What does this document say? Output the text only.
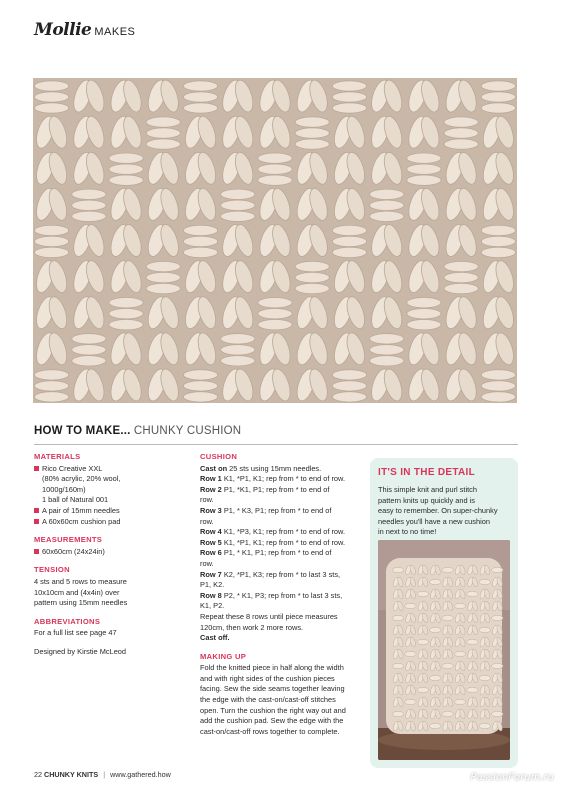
Mollie MAKES
HOW TO MAKE... CHUNKY CUSHION
MATERIALS
Rico Creative XXL
(80% acrylic, 20% wool,
1000g/160m)
1 ball of Natural 001
A pair of 15mm needles
A 60x60cm cushion pad
MEASUREMENTS
60x60cm (24x24in)
TENSION
4 sts and 5 rows to measure
10x10cm and (4x4in) over
pattern using 15mm needles
ABBREVIATIONS
For a full list see page 47
Designed by Kirstie McLeod
CUSHION
Cast on 25 sts using 15mm needles.
Row 1 K1, *P1, K1; rep from * to end of row.
Row 2 P1, *K1, P1; rep from * to end of
row.
Row 3 P1, * K3, P1; rep from * to end of
row.
Row 4 K1, *P3, K1; rep from * to end of row.
Row 5 K1, *P1, K1; rep from * to end of row.
Row 6 P1, * K1, P1; rep from * to end of
row.
Row 7 K2, *P1, K3; rep from * to last 3 sts,
P1, K2.
Row 8 P2, * K1, P3; rep from * to last 3 sts,
K1, P2.
Repeat these 8 rows until piece measures
120cm, then work 2 more rows.
Cast off.
MAKING UP
Fold the knitted piece in half along the width
and with right sides of the cushion pieces
facing. Sew the side seams together leaving
the edge with the cast-on/cast-off stitches
open. Turn the cushion the right way out and
add the cushion pad. Sew the edge with the
cast-on/cast-off rows together to complete.
IT'S IN THE DETAIL
This simple knit and purl stitch
pattern knits up quickly and is
easy to remember. On super-chunky
needles you'll have a new cushion
in next to no time!
22 CHUNKY KNITS | www.gathered.how	PassionForum.ru
